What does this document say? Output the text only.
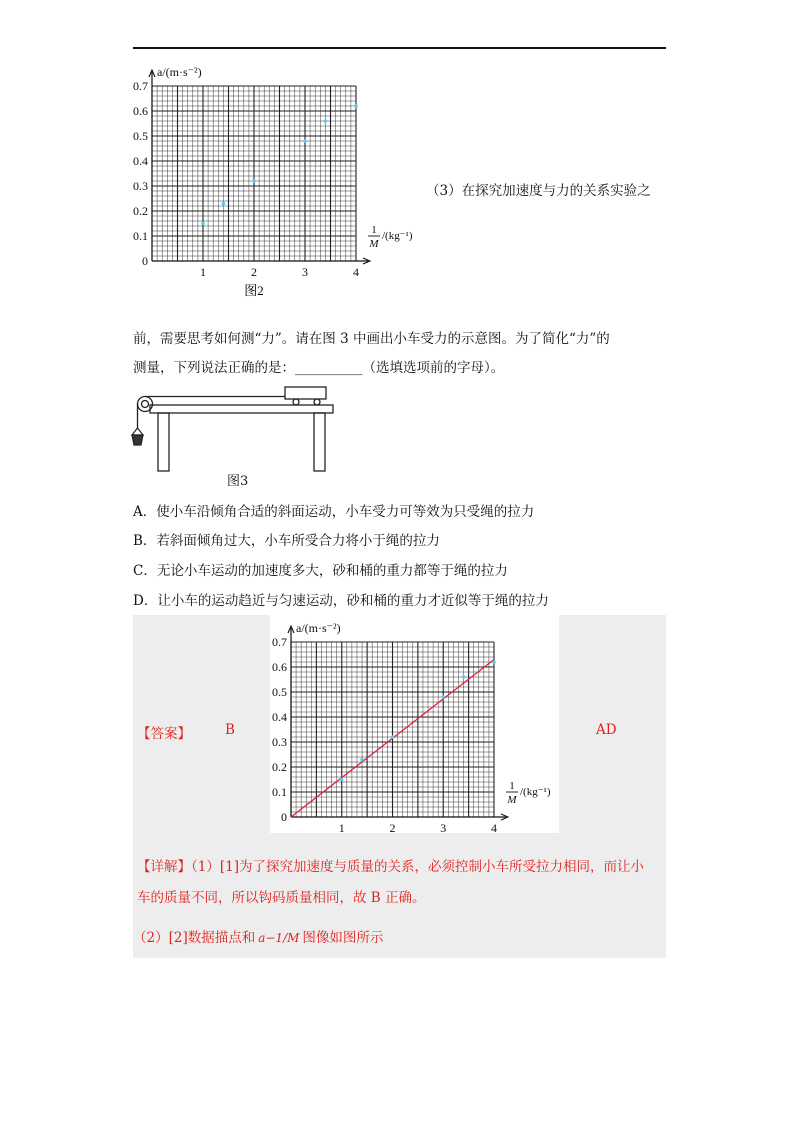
0
0.1
0.2
0.3
0.4
0.5
0.6
0.7
1	2	3	4
a/(m·s⁻²)
1
M
/(kg⁻¹)
图2
（3）在探究加速度与力的关系实验之
前，需要思考如何测“力”。请在图 3 中画出小车受力的示意图。为了简化“力”的
测量，下列说法正确的是：__________（选填选项前的字母）。
图3
A．使小车沿倾角合适的斜面运动，小车受力可等效为只受绳的拉力
B．若斜面倾角过大，小车所受合力将小于绳的拉力
C．无论小车运动的加速度多大，砂和桶的重力都等于绳的拉力
D．让小车的运动趋近与匀速运动，砂和桶的重力才近似等于绳的拉力
0
0.1
0.2
0.3
0.4
0.5
0.6
0.7
1	2	3	4
a/(m·s⁻²)
1
M
/(kg⁻¹)
【答案】	B	AD
【详解】（1）[1]为了探究加速度与质量的关系，必须控制小车所受拉力相同，而让小
车的质量不同，所以钩码质量相同，故 B 正确。
（2）[2]数据描点和 a−1/M 图像如图所示
